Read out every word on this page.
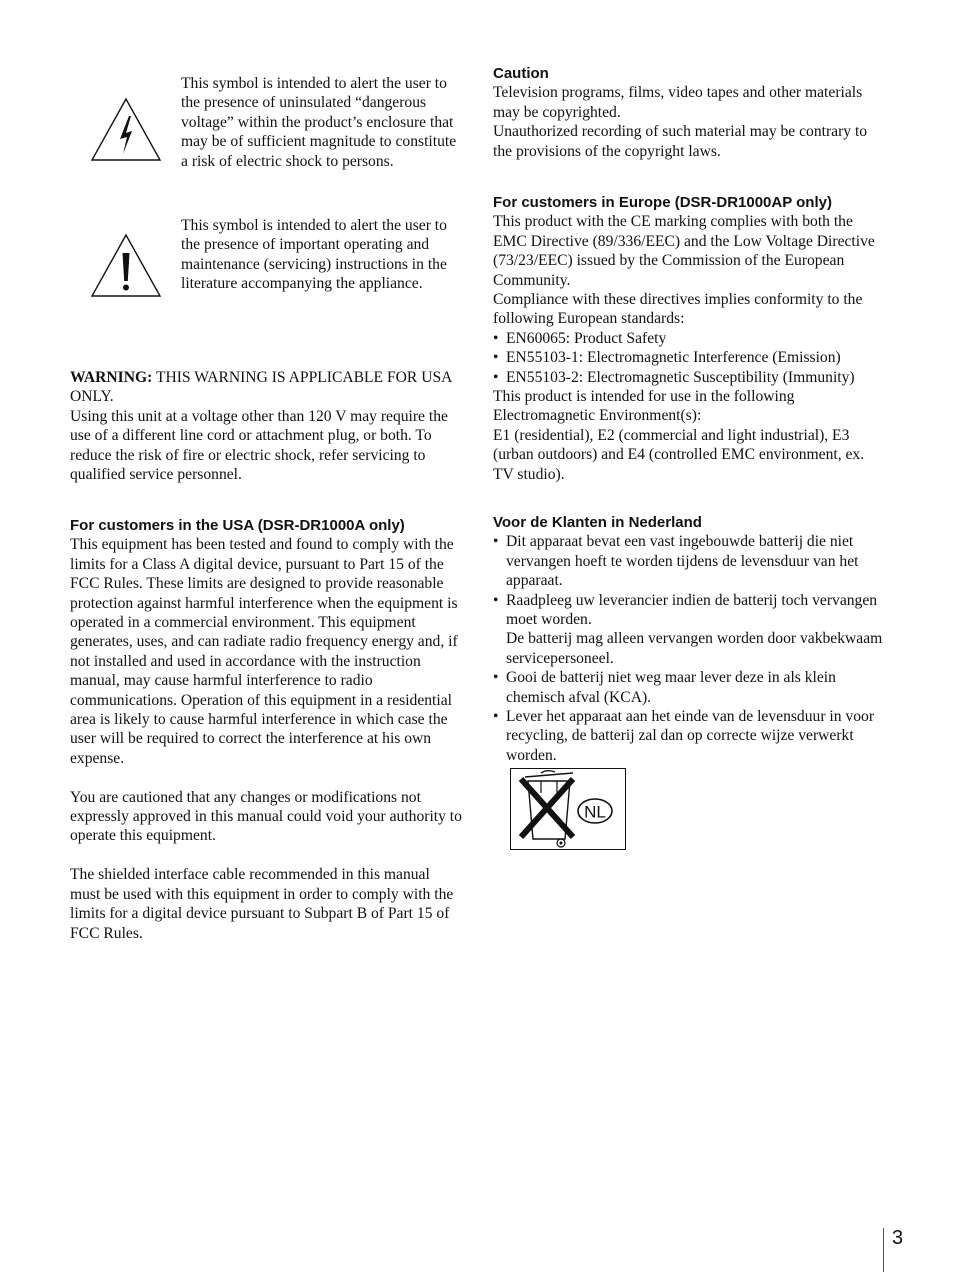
This symbol is intended to alert the user to the presence of uninsulated “dangerous voltage” within the product’s enclosure that may be of sufficient magnitude to constitute a risk of electric shock to persons.

This symbol is intended to alert the user to the presence of important operating and maintenance (servicing) instructions in the literature accompanying the appliance.

WARNING: THIS WARNING IS APPLICABLE FOR USA ONLY.

Using this unit at a voltage other than 120 V may require the use of a different line cord or attachment plug, or both. To reduce the risk of fire or electric shock, refer servicing to qualified service personnel.

For customers in the USA (DSR-DR1000A only)

This equipment has been tested and found to comply with the limits for a Class A digital device, pursuant to Part 15 of the FCC Rules. These limits are designed to provide reasonable protection against harmful interference when the equipment is operated in a commercial environment. This equipment generates, uses, and can radiate radio frequency energy and, if not installed and used in accordance with the instruction manual, may cause harmful interference to radio communications. Operation of this equipment in a residential area is likely to cause harmful interference in which case the user will be required to correct the interference at his own expense.

You are cautioned that any changes or modifications not expressly approved in this manual could void your authority to operate this equipment.

The shielded interface cable recommended in this manual must be used with this equipment in order to comply with the limits for a digital device pursuant to Subpart B of Part 15 of FCC Rules.

Caution

Television programs, films, video tapes and other materials may be copyrighted.

Unauthorized recording of such material may be contrary to the provisions of the copyright laws.

For customers in Europe (DSR-DR1000AP only)

This product with the CE marking complies with both the EMC Directive (89/336/EEC) and the Low Voltage Directive (73/23/EEC) issued by the Commission of the European Community.

Compliance with these directives implies conformity to the following European standards:

• EN60065: Product Safety
• EN55103-1: Electromagnetic Interference (Emission)
• EN55103-2: Electromagnetic Susceptibility (Immunity)

This product is intended for use in the following Electromagnetic Environment(s):

E1 (residential), E2 (commercial and light industrial), E3 (urban outdoors) and E4 (controlled EMC environment, ex. TV studio).

Voor de Klanten in Nederland
• Dit apparaat bevat een vast ingebouwde batterij die niet vervangen hoeft te worden tijdens de levensduur van het apparaat.
• Raadpleeg uw leverancier indien de batterij toch vervangen moet worden.
De batterij mag alleen vervangen worden door vakbekwaam servicepersoneel.
• Gooi de batterij niet weg maar lever deze in als klein chemisch afval (KCA).
• Lever het apparaat aan het einde van de levensduur in voor recycling, de batterij zal dan op correcte wijze verwerkt worden.
NL
3
